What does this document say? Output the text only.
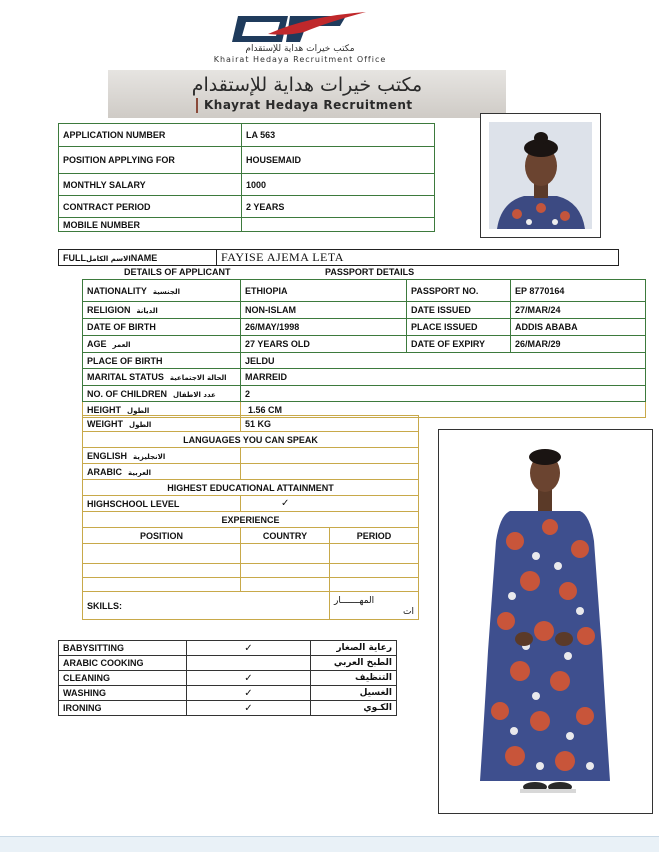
مكتب خيرات هداية للإستقدام
Khairat Hedaya Recruitment Office
مكتب خيرات هداية للإستقدام
Khayrat Hedaya Recruitment
APPLICATION NUMBER	LA 563
POSITION APPLYING FOR	HOUSEMAID
MONTHLY SALARY	1000
CONTRACT PERIOD	2 YEARS
MOBILE NUMBER	
FULLالاسم الكاملNAME	FAYISE AJEMA LETA
DETAILS OF APPLICANT	PASSPORT DETAILS
NATIONALITY الجنسية	ETHIOPIA	PASSPORT NO.	EP 8770164
RELIGION الديانة	NON-ISLAM	DATE ISSUED	27/MAR/24
DATE OF BIRTH	26/MAY/1998	PLACE ISSUED	ADDIS ABABA
AGE العمر	27 YEARS OLD	DATE OF EXPIRY	26/MAR/29
PLACE OF BIRTH	JELDU		
MARITAL STATUS الحالة الاجتماعية	MARREID		
NO. OF CHILDREN عدد الاطفال	2		
HEIGHT الطول	1.56 CM		
WEIGHT الطول	51 KG	
LANGUAGES YOU CAN SPEAK		
ENGLISH الانجليزية		
ARABIC العربية		
HIGHEST EDUCATIONAL ATTAINMENT		
HIGHSCHOOL LEVEL	✓	
EXPERIENCE		
POSITION	COUNTRY	PERIOD

SKILLS:		المهـــــــار
ات
BABYSITTING	✓	رعاية الصغار
ARABIC COOKING		الطبخ العربي
CLEANING	✓	التنظيف
WASHING	✓	الغسيل
IRONING	✓	الكـوي
